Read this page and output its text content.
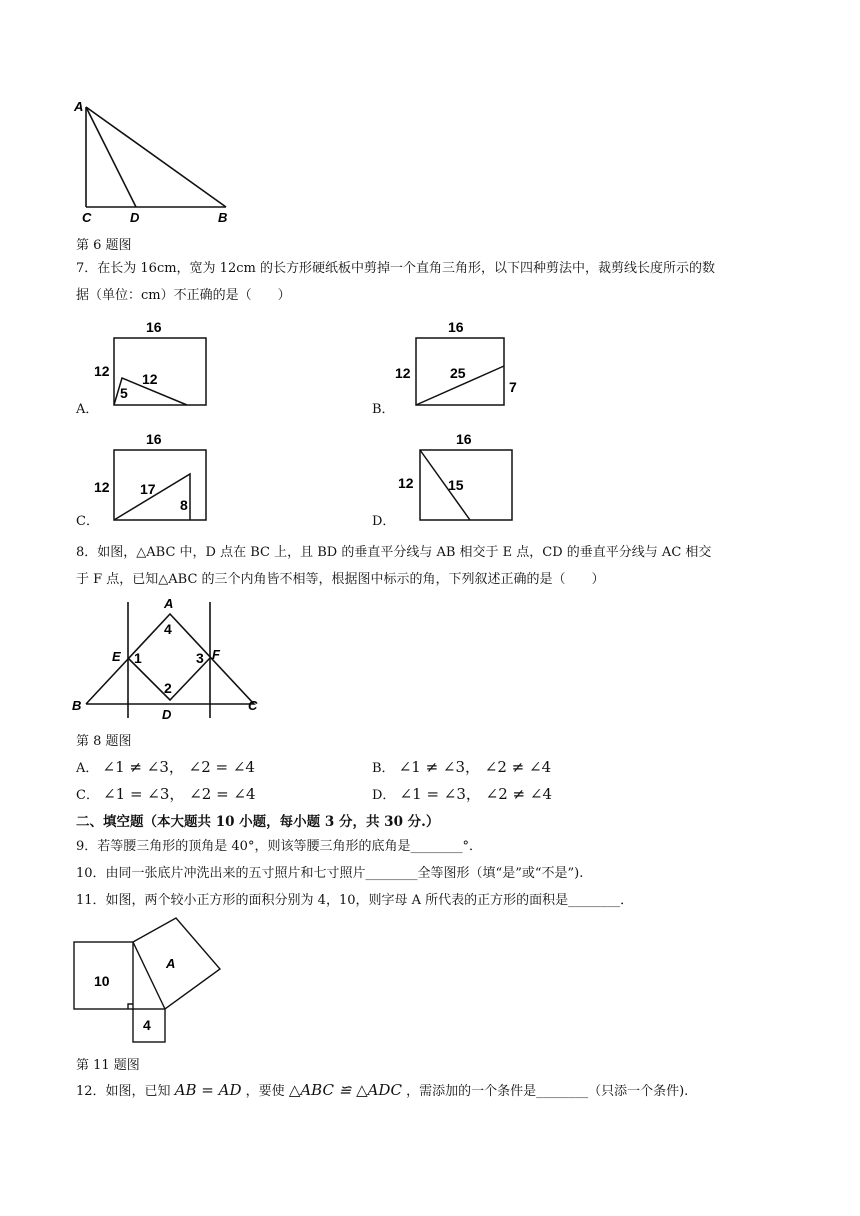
A
C	D	B
第 6 题图
7．在长为 16cm，宽为 12cm 的长方形硬纸板中剪掉一个直角三角形，以下四种剪法中，裁剪线长度所示的数
据（单位：cm）不正确的是（　　）
A．
16
12 12
5
B．
16
12	25
7
C．
16
12 17
8
D．
16
12 15
8．如图，△ABC 中，D 点在 BC 上，且 BD 的垂直平分线与 AB 相交于 E 点，CD 的垂直平分线与 AC 相交
于 F 点，已知△ABC 的三个内角皆不相等，根据图中标示的角，下列叙述正确的是（　　）
A
4
E 1	3 F
2
B
D
C
第 8 题图
A． ∠1 ≠ ∠3， ∠2 = ∠4	B． ∠1 ≠ ∠3， ∠2 ≠ ∠4
C． ∠1 = ∠3， ∠2 = ∠4	D． ∠1 = ∠3， ∠2 ≠ ∠4
二、填空题（本大题共 10 小题，每小题 3 分，共 30 分.）
9．若等腰三角形的顶角是 40°，则该等腰三角形的底角是________°．
10．由同一张底片冲洗出来的五寸照片和七寸照片________全等图形（填“是”或“不是”).
11．如图，两个较小正方形的面积分别为 4，10，则字母 A 所代表的正方形的面积是________．
10
4
A
第 11 题图
12．如图，已知 AB = AD ，要使 △ABC ≌ △ADC ，需添加的一个条件是________（只添一个条件).
